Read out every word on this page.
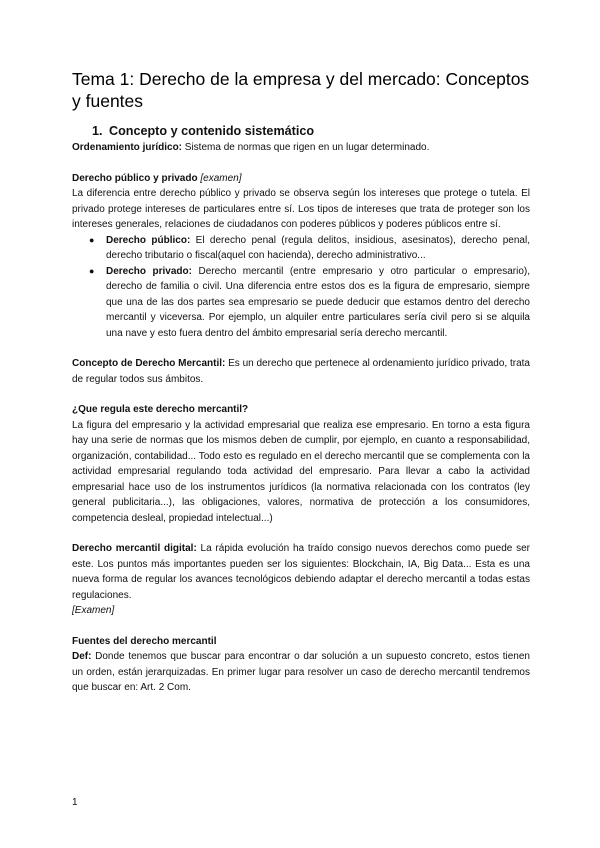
Tema 1: Derecho de la empresa y del mercado: Conceptos y fuentes
1. Concepto y contenido sistemático

Ordenamiento jurídico: Sistema de normas que rigen en un lugar determinado.

Derecho público y privado [examen]

La diferencia entre derecho público y privado se observa según los intereses que protege o tutela. El privado protege intereses de particulares entre sí. Los tipos de intereses que trata de proteger son los intereses generales, relaciones de ciudadanos con poderes públicos y poderes públicos entre sí.

● Derecho público: El derecho penal (regula delitos, insidious, asesinatos), derecho penal, derecho tributario o fiscal(aquel con hacienda), derecho administrativo...
● Derecho privado: Derecho mercantil (entre empresario y otro particular o empresario), derecho de familia o civil. Una diferencia entre estos dos es la figura de empresario, siempre que una de las dos partes sea empresario se puede deducir que estamos dentro del derecho mercantil y viceversa. Por ejemplo, un alquiler entre particulares sería civil pero si se alquila una nave y esto fuera dentro del ámbito empresarial sería derecho mercantil.

Concepto de Derecho Mercantil: Es un derecho que pertenece al ordenamiento jurídico privado, trata de regular todos sus ámbitos.

¿Que regula este derecho mercantil?

La figura del empresario y la actividad empresarial que realiza ese empresario. En torno a esta figura hay una serie de normas que los mismos deben de cumplir, por ejemplo, en cuanto a responsabilidad, organización, contabilidad... Todo esto es regulado en el derecho mercantil que se complementa con la actividad empresarial regulando toda actividad del empresario. Para llevar a cabo la actividad empresarial hace uso de los instrumentos jurídicos (la normativa relacionada con los contratos (ley general publicitaria...), las obligaciones, valores, normativa de protección a los consumidores, competencia desleal, propiedad intelectual...)

Derecho mercantil digital: La rápida evolución ha traído consigo nuevos derechos como puede ser este. Los puntos más importantes pueden ser los siguientes: Blockchain, IA, Big Data... Esta es una nueva forma de regular los avances tecnológicos debiendo adaptar el derecho mercantil a todas estas regulaciones.

[Examen]

Fuentes del derecho mercantil

Def: Donde tenemos que buscar para encontrar o dar solución a un supuesto concreto, estos tienen un orden, están jerarquizadas. En primer lugar para resolver un caso de derecho mercantil tendremos que buscar en: Art. 2 Com.

1
